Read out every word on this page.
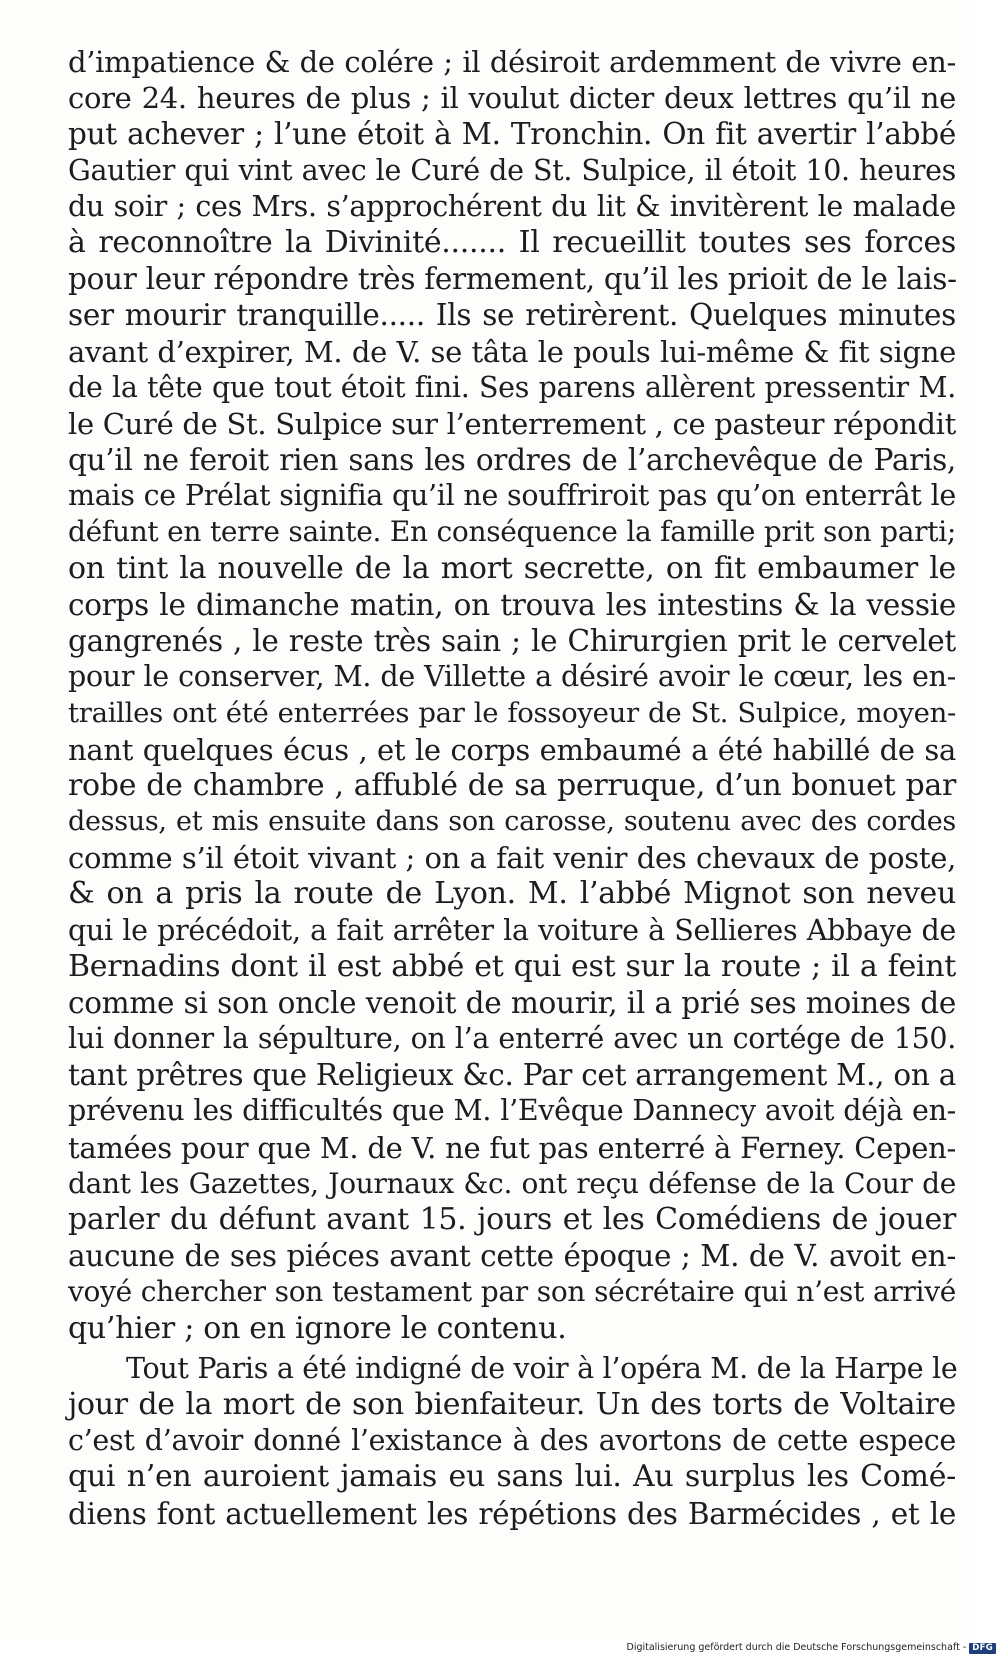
d’impatience & de colére ; il désiroit ardemment de vivre en-
core 24. heures de plus ; il voulut dicter deux lettres qu’il ne
put achever ; l’une étoit à M. Tronchin. On fit avertir l’abbé
Gautier qui vint avec le Curé de St. Sulpice, il étoit 10. heures
du soir ; ces Mrs. s’approchérent du lit & invitèrent le malade
à reconnoître la Divinité....... Il recueillit toutes ses forces
pour leur répondre très fermement, qu’il les prioit de le lais-
ser mourir tranquille..... Ils se retirèrent. Quelques minutes
avant d’expirer, M. de V. se tâta le pouls lui-même & fit signe
de la tête que tout étoit fini. Ses parens allèrent pressentir M.
le Curé de St. Sulpice sur l’enterrement , ce pasteur répondit
qu’il ne feroit rien sans les ordres de l’archevêque de Paris,
mais ce Prélat signifia qu’il ne souffriroit pas qu’on enterrât le
défunt en terre sainte. En conséquence la famille prit son parti;
on tint la nouvelle de la mort secrette, on fit embaumer le
corps le dimanche matin, on trouva les intestins & la vessie
gangrenés , le reste très sain ; le Chirurgien prit le cervelet
pour le conserver, M. de Villette a désiré avoir le cœur, les en-
trailles ont été enterrées par le fossoyeur de St. Sulpice, moyen-
nant quelques écus , et le corps embaumé a été habillé de sa
robe de chambre , affublé de sa perruque, d’un bonuet par
dessus, et mis ensuite dans son carosse, soutenu avec des cordes
comme s’il étoit vivant ; on a fait venir des chevaux de poste,
& on a pris la route de Lyon. M. l’abbé Mignot son neveu
qui le précédoit, a fait arrêter la voiture à Sellieres Abbaye de
Bernadins dont il est abbé et qui est sur la route ; il a feint
comme si son oncle venoit de mourir, il a prié ses moines de
lui donner la sépulture, on l’a enterré avec un cortége de 150.
tant prêtres que Religieux &c. Par cet arrangement M., on a
prévenu les difficultés que M. l’Evêque Dannecy avoit déjà en-
tamées pour que M. de V. ne fut pas enterré à Ferney. Cepen-
dant les Gazettes, Journaux &c. ont reçu défense de la Cour de
parler du défunt avant 15. jours et les Comédiens de jouer
aucune de ses piéces avant cette époque ; M. de V. avoit en-
voyé chercher son testament par son sécrétaire qui n’est arrivé
qu’hier ; on en ignore le contenu.
Tout Paris a été indigné de voir à l’opéra M. de la Harpe le
jour de la mort de son bienfaiteur. Un des torts de Voltaire
c’est d’avoir donné l’existance à des avortons de cette espece
qui n’en auroient jamais eu sans lui. Au surplus les Comé-
diens font actuellement les répétions des Barmécides , et le
Digitalisierung gefördert durch die Deutsche Forschungsgemeinschaft - DFG
